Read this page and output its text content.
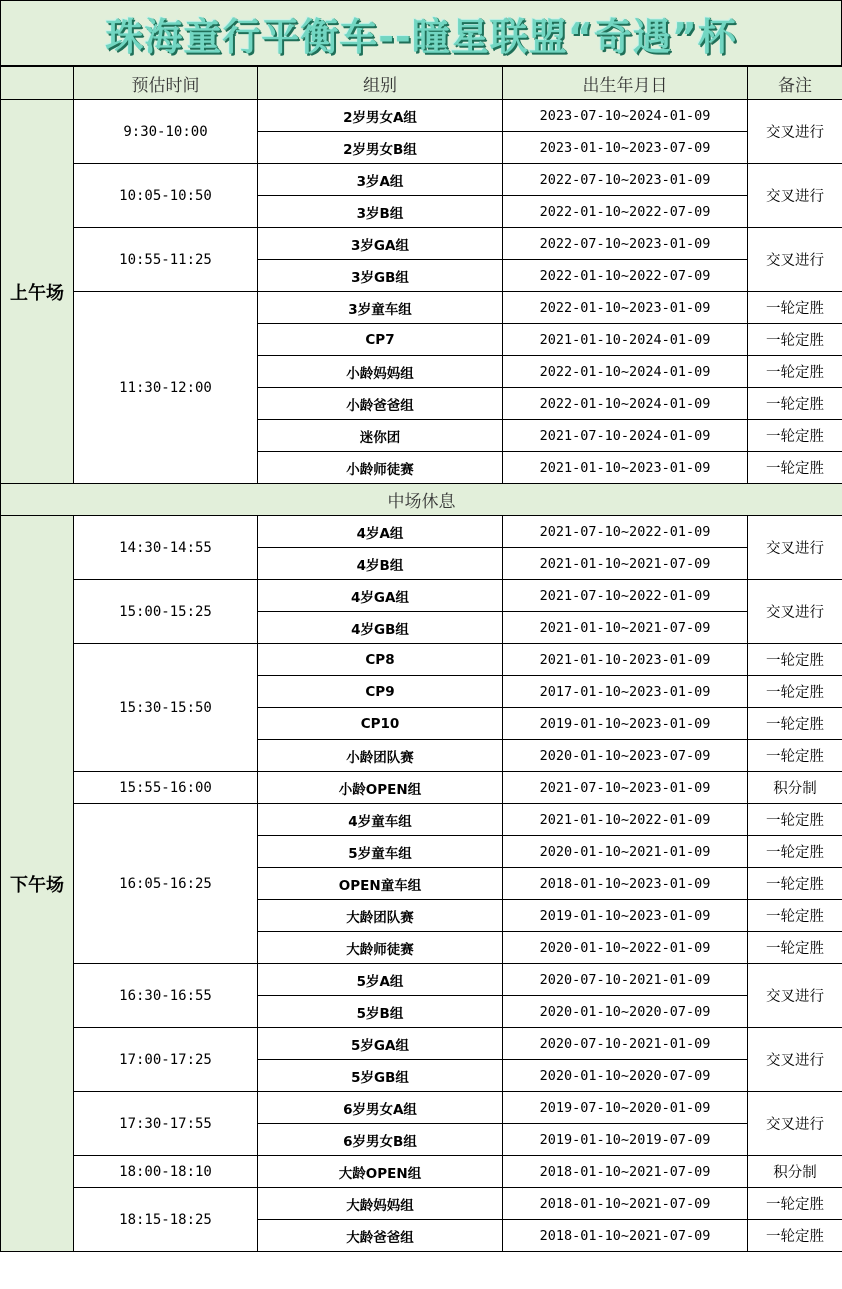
珠海童行平衡车--瞳星联盟“奇遇”杯
	预估时间	组别	出生年月日	备注
上午场	9:30-10:00	2岁男女A组	2023-07-10~2024-01-09	交叉进行
		2岁男女B组	2023-01-10~2023-07-09	
	10:05-10:50	3岁A组	2022-07-10~2023-01-09	交叉进行
		3岁B组	2022-01-10~2022-07-09	
	10:55-11:25	3岁GA组	2022-07-10~2023-01-09	交叉进行
		3岁GB组	2022-01-10~2022-07-09	
	11:30-12:00	3岁童车组	2022-01-10~2023-01-09	一轮定胜
		CP7	2021-01-10-2024-01-09	一轮定胜
		小龄妈妈组	2022-01-10~2024-01-09	一轮定胜
		小龄爸爸组	2022-01-10~2024-01-09	一轮定胜
		迷你团	2021-07-10-2024-01-09	一轮定胜
		小龄师徒赛	2021-01-10~2023-01-09	一轮定胜
中场休息				
下午场	14:30-14:55	4岁A组	2021-07-10~2022-01-09	交叉进行
		4岁B组	2021-01-10~2021-07-09	
	15:00-15:25	4岁GA组	2021-07-10~2022-01-09	交叉进行
		4岁GB组	2021-01-10~2021-07-09	
	15:30-15:50	CP8	2021-01-10-2023-01-09	一轮定胜
		CP9	2017-01-10~2023-01-09	一轮定胜
		CP10	2019-01-10~2023-01-09	一轮定胜
		小龄团队赛	2020-01-10~2023-07-09	一轮定胜
	15:55-16:00	小龄OPEN组	2021-07-10~2023-01-09	积分制
	16:05-16:25	4岁童车组	2021-01-10~2022-01-09	一轮定胜
		5岁童车组	2020-01-10~2021-01-09	一轮定胜
		OPEN童车组	2018-01-10~2023-01-09	一轮定胜
		大龄团队赛	2019-01-10~2023-01-09	一轮定胜
		大龄师徒赛	2020-01-10~2022-01-09	一轮定胜
	16:30-16:55	5岁A组	2020-07-10-2021-01-09	交叉进行
		5岁B组	2020-01-10~2020-07-09	
	17:00-17:25	5岁GA组	2020-07-10-2021-01-09	交叉进行
		5岁GB组	2020-01-10~2020-07-09	
	17:30-17:55	6岁男女A组	2019-07-10~2020-01-09	交叉进行
		6岁男女B组	2019-01-10~2019-07-09	
	18:00-18:10	大龄OPEN组	2018-01-10~2021-07-09	积分制
	18:15-18:25	大龄妈妈组	2018-01-10~2021-07-09	一轮定胜
		大龄爸爸组	2018-01-10~2021-07-09	一轮定胜
